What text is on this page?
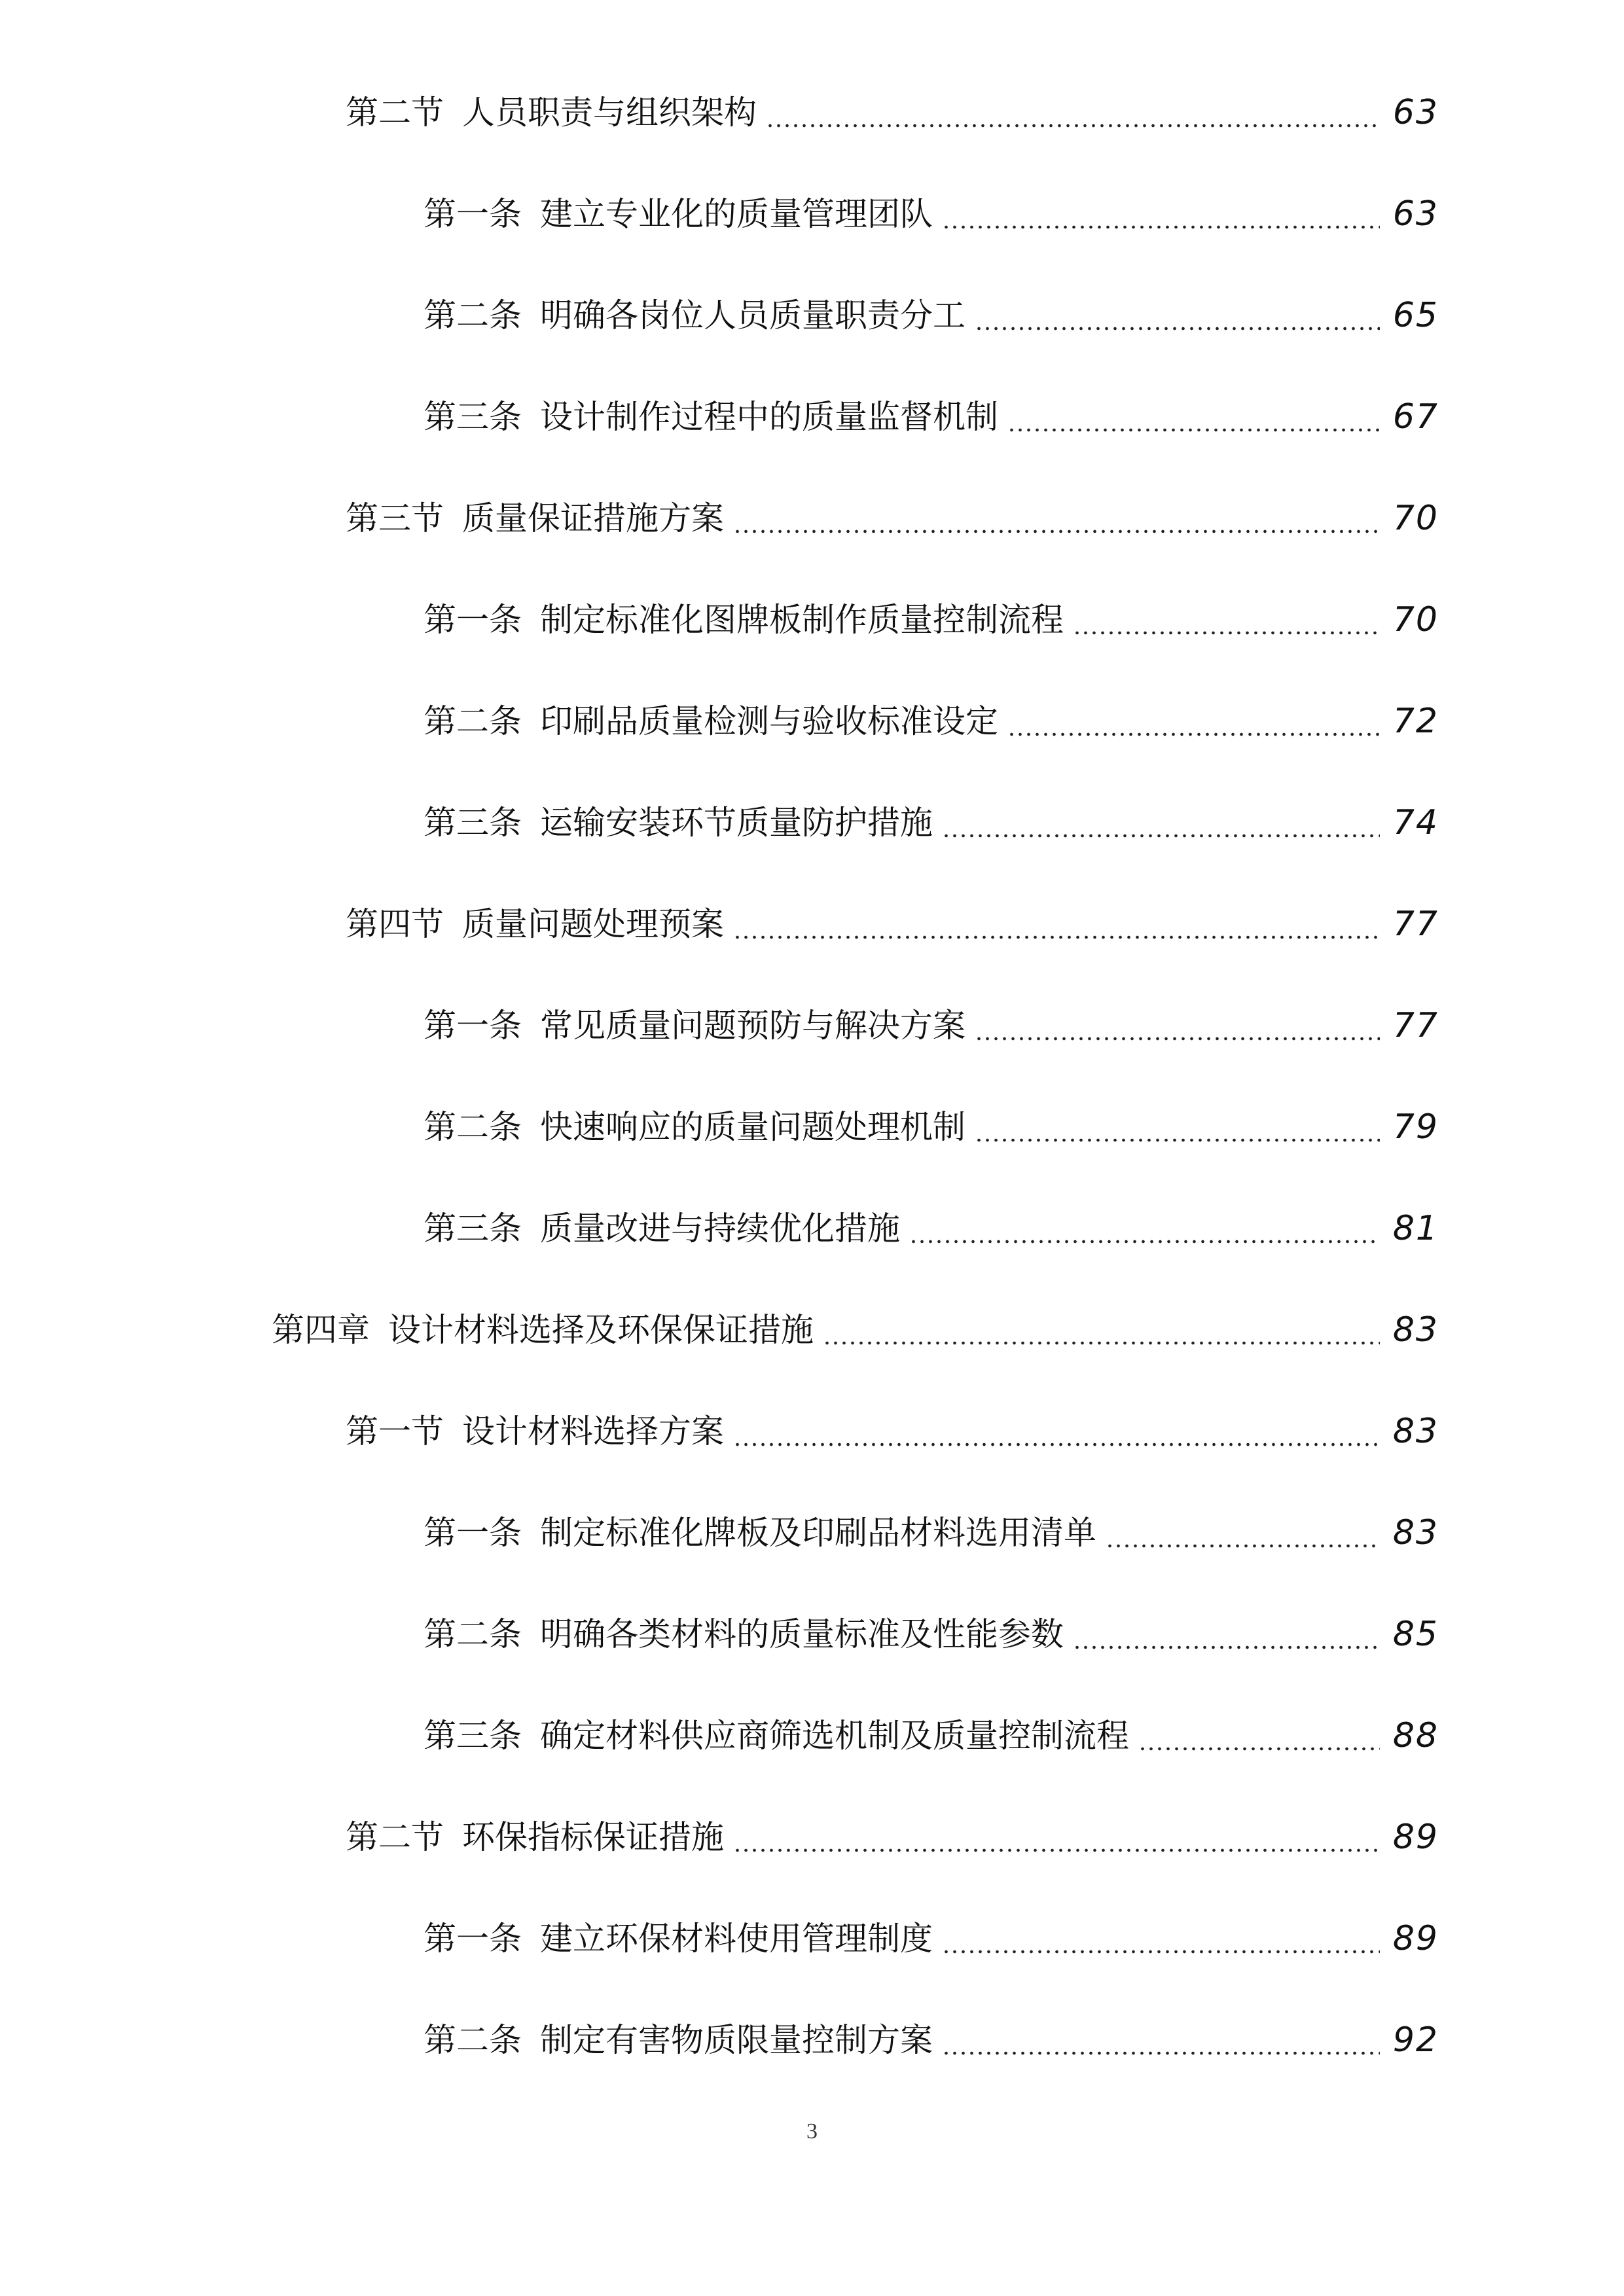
第二节 人员职责与组织架构	63
第一条 建立专业化的质量管理团队	63
第二条 明确各岗位人员质量职责分工	65
第三条 设计制作过程中的质量监督机制	67
第三节 质量保证措施方案	70
第一条 制定标准化图牌板制作质量控制流程	70
第二条 印刷品质量检测与验收标准设定	72
第三条 运输安装环节质量防护措施	74
第四节 质量问题处理预案	77
第一条 常见质量问题预防与解决方案	77
第二条 快速响应的质量问题处理机制	79
第三条 质量改进与持续优化措施	81
第四章 设计材料选择及环保保证措施	83
第一节 设计材料选择方案	83
第一条 制定标准化牌板及印刷品材料选用清单	83
第二条 明确各类材料的质量标准及性能参数	85
第三条 确定材料供应商筛选机制及质量控制流程	88
第二节 环保指标保证措施	89
第一条 建立环保材料使用管理制度	89
第二条 制定有害物质限量控制方案	92
3
